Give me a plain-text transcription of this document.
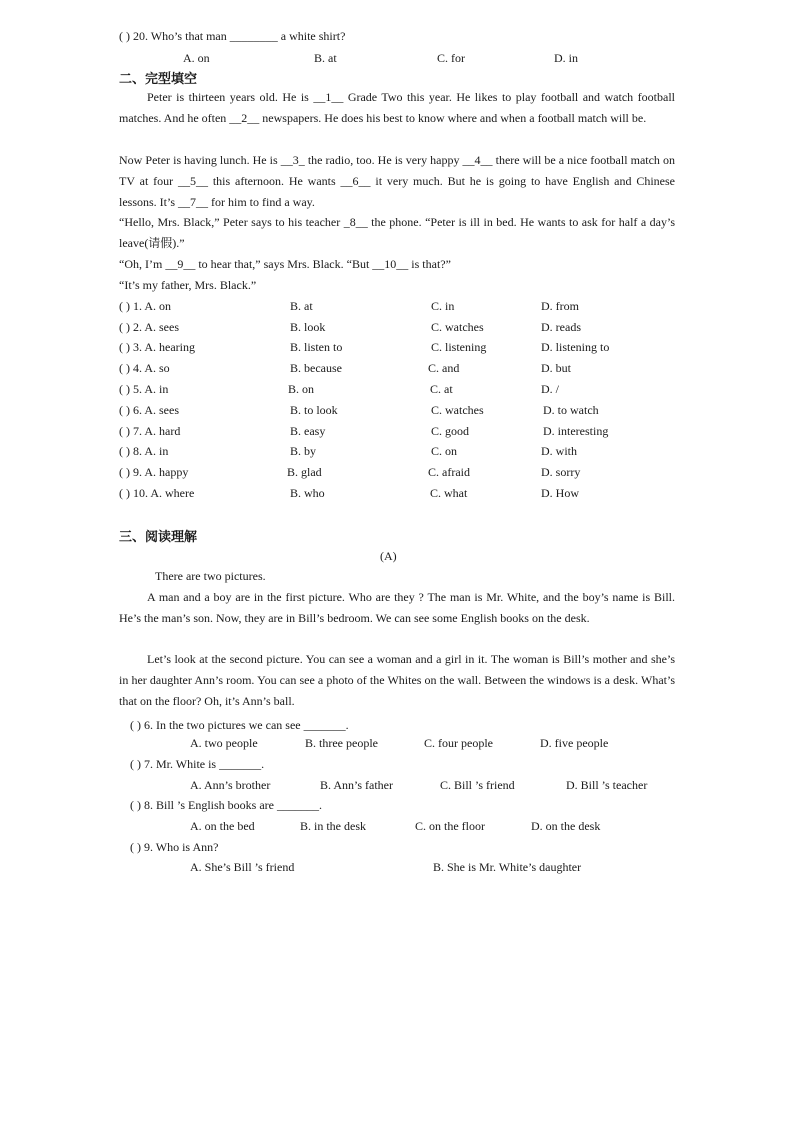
( ) 20. Who’s that man ________ a white shirt?
A. on	B. at	C. for	D. in
二、完型填空
Peter is thirteen years old. He is __1__ Grade Two this year. He likes to play football and watch football matches. And he often __2__ newspapers. He does his best to know where and when a football match will be.
Now Peter is having lunch. He is __3_ the radio, too. He is very happy __4__ there will be a nice football match on TV at four __5__ this afternoon. He wants __6__ it very much. But he is going to have English and Chinese lessons. It’s __7__ for him to find a way.
“Hello, Mrs. Black,” Peter says to his teacher _8__ the phone. “Peter is ill in bed. He wants to ask for half a day’s leave(请假).”
“Oh, I’m __9__ to hear that,” says Mrs. Black. “But __10__ is that?”
“It’s my father, Mrs. Black.”
( ) 1. A. on	B. at	C. in	D. from
( ) 2. A. sees	B. look	C. watches	D. reads
( ) 3. A. hearing	B. listen to	C. listening	D. listening to
( ) 4. A. so	B. because	C. and	D. but
( ) 5. A. in	B. on	C. at	D. /
( ) 6. A. sees	B. to look	C. watches	D. to watch
( ) 7. A. hard	B. easy	C. good	D. interesting
( ) 8. A. in	B. by	C. on	D. with
( ) 9. A. happy	B. glad	C. afraid	D. sorry
( ) 10. A. where	B. who	C. what	D. How
三、阅读理解
(A)
There are two pictures.
A man and a boy are in the first picture. Who are they ? The man is Mr. White, and the boy’s name is Bill. He’s the man’s son. Now, they are in Bill’s bedroom. We can see some English books on the desk.
Let’s look at the second picture. You can see a woman and a girl in it. The woman is Bill’s mother and she’s in her daughter Ann’s room. You can see a photo of the Whites on the wall. Between the windows is a desk. What’s that on the floor? Oh, it’s Ann’s ball.
( ) 6. In the two pictures we can see _______.
A. two people	B. three people	C. four people	D. five people
( ) 7. Mr. White is _______.
A. Ann’s brother	B. Ann’s father	C. Bill ’s friend	D. Bill ’s teacher
( ) 8. Bill ’s English books are _______.
A. on the bed	B. in the desk	C. on the floor	D. on the desk
( ) 9. Who is Ann?
A. She’s Bill ’s friend	B. She is Mr. White’s daughter
